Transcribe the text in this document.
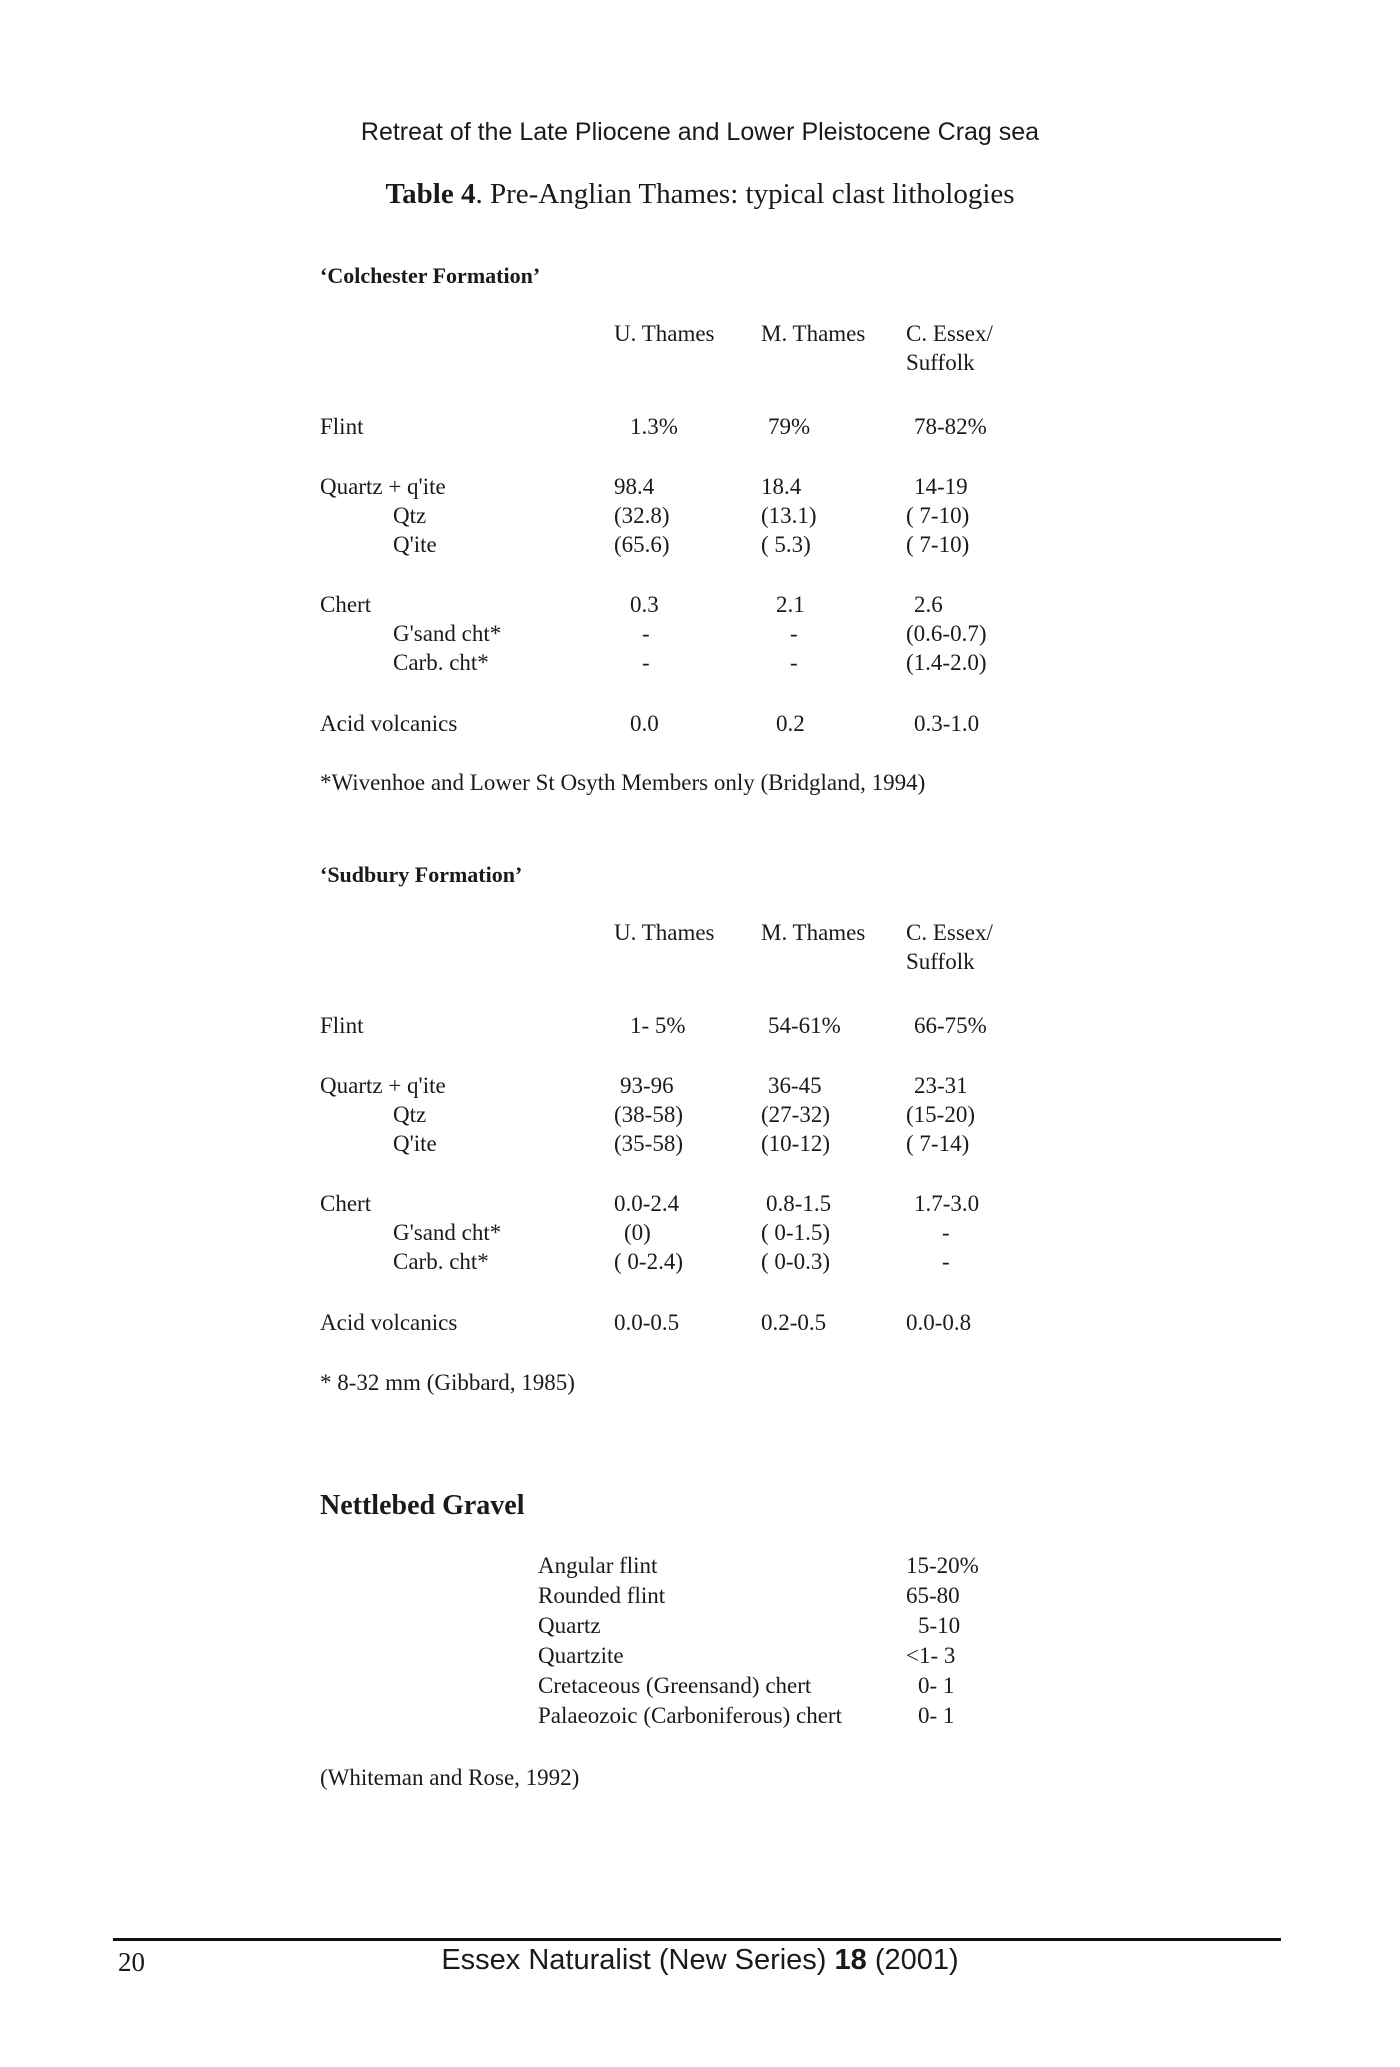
Retreat of the Late Pliocene and Lower Pleistocene Crag sea
Table 4. Pre-Anglian Thames: typical clast lithologies
‘Colchester Formation’
U. Thames M. Thames C. Essex/
Suffolk
Flint	1.3%	79%	78-82%
Quartz + q'ite	98.4	18.4	14-19
Qtz	(32.8)	(13.1)	( 7-10)
Q'ite	(65.6)	( 5.3)	( 7-10)
Chert	0.3	2.1	2.6
G'sand cht*	-	-	(0.6-0.7)
Carb. cht*	-	-	(1.4-2.0)
Acid volcanics	0.0	0.2	0.3-1.0
*Wivenhoe and Lower St Osyth Members only (Bridgland, 1994)
‘Sudbury Formation’
U. Thames M. Thames C. Essex/
Suffolk
Flint	1- 5%	54-61%	66-75%
Quartz + q'ite	93-96	36-45	23-31
Qtz	(38-58)	(27-32)	(15-20)
Q'ite	(35-58)	(10-12)	( 7-14)
Chert	0.0-2.4	0.8-1.5	1.7-3.0
G'sand cht*	(0)	( 0-1.5)	-
Carb. cht*	( 0-2.4)	( 0-0.3)	-
Acid volcanics	0.0-0.5	0.2-0.5	0.0-0.8
* 8-32 mm (Gibbard, 1985)
Nettlebed Gravel
Angular flint	15-20%
Rounded flint	65-80
Quartz	5-10
Quartzite	<1- 3
Cretaceous (Greensand) chert	0- 1
Palaeozoic (Carboniferous) chert	0- 1
(Whiteman and Rose, 1992)
20	Essex Naturalist (New Series) 18 (2001)
